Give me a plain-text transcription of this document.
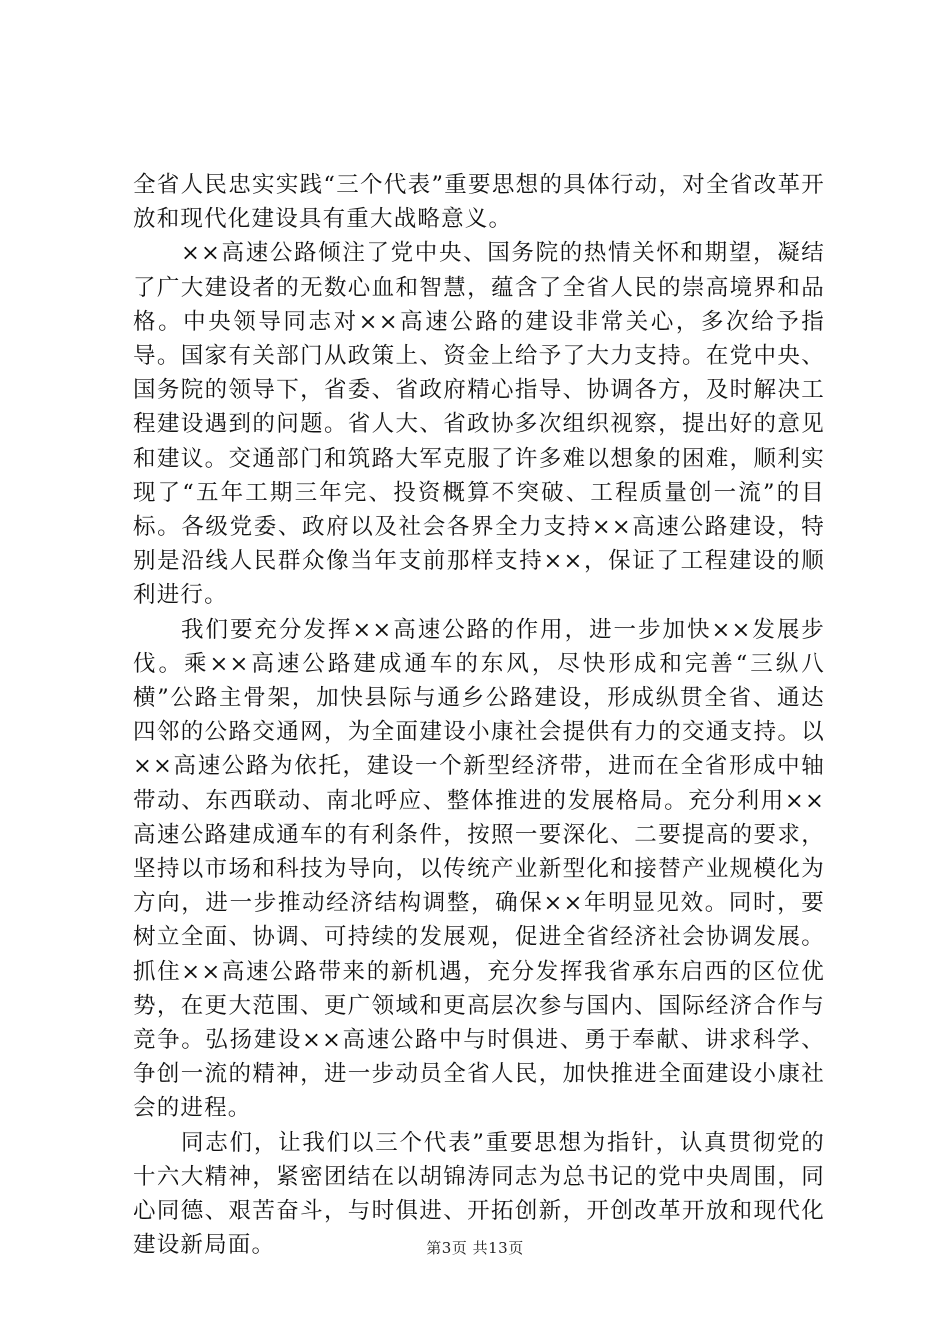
全省人民忠实实践“三个代表”重要思想的具体行动，对全省改革开放和现代化建设具有重大战略意义。

××高速公路倾注了党中央、国务院的热情关怀和期望，凝结了广大建设者的无数心血和智慧，蕴含了全省人民的崇高境界和品格。中央领导同志对××高速公路的建设非常关心，多次给予指导。国家有关部门从政策上、资金上给予了大力支持。在党中央、国务院的领导下，省委、省政府精心指导、协调各方，及时解决工程建设遇到的问题。省人大、省政协多次组织视察，提出好的意见和建议。交通部门和筑路大军克服了许多难以想象的困难，顺利实现了“五年工期三年完、投资概算不突破、工程质量创一流”的目标。各级党委、政府以及社会各界全力支持××高速公路建设，特别是沿线人民群众像当年支前那样支持××，保证了工程建设的顺利进行。

我们要充分发挥××高速公路的作用，进一步加快××发展步伐。乘××高速公路建成通车的东风，尽快形成和完善“三纵八横”公路主骨架，加快县际与通乡公路建设，形成纵贯全省、通达四邻的公路交通网，为全面建设小康社会提供有力的交通支持。以××高速公路为依托，建设一个新型经济带，进而在全省形成中轴带动、东西联动、南北呼应、整体推进的发展格局。充分利用××高速公路建成通车的有利条件，按照一要深化、二要提高的要求，坚持以市场和科技为导向，以传统产业新型化和接替产业规模化为方向，进一步推动经济结构调整，确保××年明显见效。同时，要树立全面、协调、可持续的发展观，促进全省经济社会协调发展。抓住××高速公路带来的新机遇，充分发挥我省承东启西的区位优势，在更大范围、更广领域和更高层次参与国内、国际经济合作与竞争。弘扬建设××高速公路中与时俱进、勇于奉献、讲求科学、争创一流的精神，进一步动员全省人民，加快推进全面建设小康社会的进程。

同志们，让我们以三个代表”重要思想为指针，认真贯彻党的十六大精神，紧密团结在以胡锦涛同志为总书记的党中央周围，同心同德、艰苦奋斗，与时俱进、开拓创新，开创改革开放和现代化建设新局面。	第3页 共13页
